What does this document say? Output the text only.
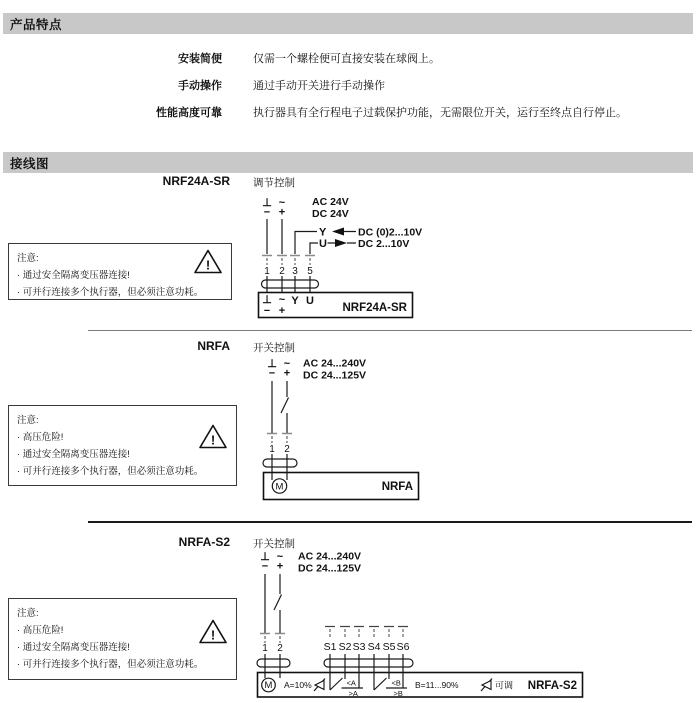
产品特点
安装简便	仅需一个螺栓便可直接安装在球阀上。
手动操作	通过手动开关进行手动操作
性能高度可靠	执行器具有全行程电子过载保护功能，无需限位开关，运行至终点自行停止。
接线图
NRF24A-SR 调节控制
注意:
· 通过安全隔离变压器连接!
· 可并行连接多个执行器，但必须注意功耗。
!
⊥ ~
− +
AC 24V
DC 24V
Y	DC (0)2...10V
U	DC 2...10V
1 2 3 5
⊥ ~ Y U
− +	NRF24A-SR
NRFA 开关控制
注意:
· 高压危险!
· 通过安全隔离变压器连接!
· 可并行连接多个执行器，但必须注意功耗。
!
⊥ ~
− +
AC 24...240V
DC 24...125V
1 2
M	NRFA
NRFA-S2 开关控制
注意:
· 高压危险!
· 通过安全隔离变压器连接!
· 可并行连接多个执行器，但必须注意功耗。
!
⊥ ~
− +
AC 24...240V
DC 24...125V
1 2	S1 S2 S3 S4 S5 S6
M A=10%	<A
>A
<B
>B
B=11...90%	可调 NRFA-S2
